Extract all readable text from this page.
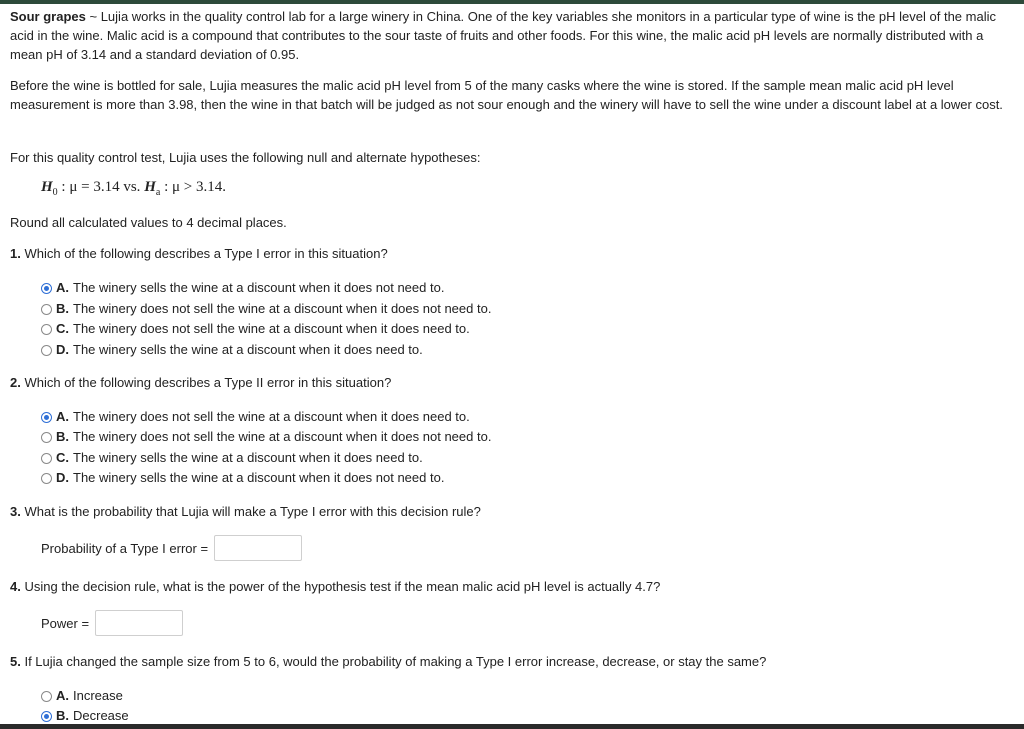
Sour grapes ~ Lujia works in the quality control lab for a large winery in China. One of the key variables she monitors in a particular type of wine is the pH level of the malic acid in the wine. Malic acid is a compound that contributes to the sour taste of fruits and other foods. For this wine, the malic acid pH levels are normally distributed with a mean pH of 3.14 and a standard deviation of 0.95.

Before the wine is bottled for sale, Lujia measures the malic acid pH level from 5 of the many casks where the wine is stored. If the sample mean malic acid pH level measurement is more than 3.98, then the wine in that batch will be judged as not sour enough and the winery will have to sell the wine under a discount label at a lower cost.

For this quality control test, Lujia uses the following null and alternate hypotheses:

$H_0$ : μ = 3.14 vs. $H_a$ : μ > 3.14.

Round all calculated values to 4 decimal places.

1. Which of the following describes a Type I error in this situation?
A. The winery sells the wine at a discount when it does not need to.
B. The winery does not sell the wine at a discount when it does not need to.
C. The winery does not sell the wine at a discount when it does need to.
D. The winery sells the wine at a discount when it does need to.
2. Which of the following describes a Type II error in this situation?
A. The winery does not sell the wine at a discount when it does need to.
B. The winery does not sell the wine at a discount when it does not need to.
C. The winery sells the wine at a discount when it does need to.
D. The winery sells the wine at a discount when it does not need to.
3. What is the probability that Lujia will make a Type I error with this decision rule?
Probability of a Type I error =
4. Using the decision rule, what is the power of the hypothesis test if the mean malic acid pH level is actually 4.7?
Power =
5. If Lujia changed the sample size from 5 to 6, would the probability of making a Type I error increase, decrease, or stay the same?
A. Increase
B. Decrease
